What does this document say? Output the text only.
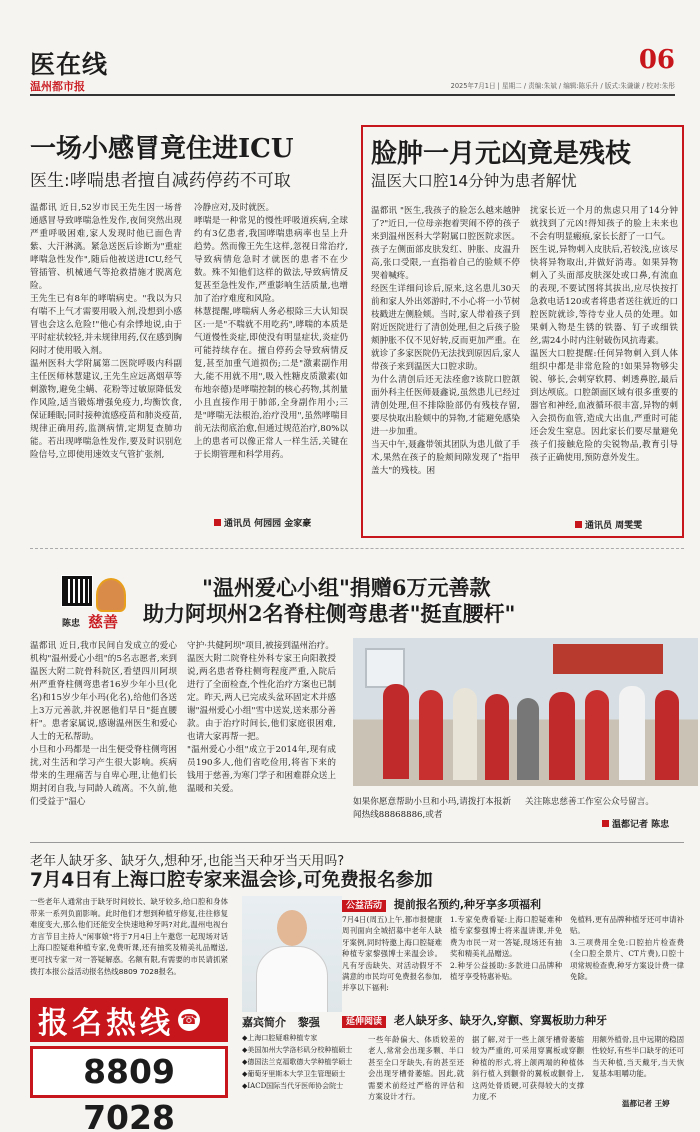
医在线
温州都市报
06
2025年7月1日 | 星期二 / 责编:朱斌 / 编辑:陈乐升 / 版式:朱谦谦 / 校对:朱彤
一场小感冒竟住进ICU
医生:哮喘患者擅自减药停药不可取
温都讯 近日,52岁市民王先生因一场普通感冒导致哮喘急性发作,夜间突然出现严重呼吸困难,家人发现时他已面色青紫、大汗淋漓。紧急送医后诊断为"重症哮喘急性发作",随后他被送进ICU,经气管插管、机械通气等抢救措施才脱离危险。
王先生已有8年的哮喘病史。"我以为只有喘不上气才需要用吸入剂,没想到小感冒也会这么危险!"他心有余悸地说,由于平时症状较轻,并未规律用药,仅在感到胸闷时才使用吸入剂。
温州医科大学附属第二医院呼吸内科副主任医师林慧建议,王先生应远离烟草等刺激物,避免尘螨、花粉等过敏原降低发作风险,适当锻炼增强免疫力,均衡饮食,保证睡眠;同时接种流感疫苗和肺炎疫苗,规律正确用药,监测病情,定期复查肺功能。若出现哮喘急性发作,要及时识别危险信号,立即使用速效支气管扩张剂,
冷静应对,及时就医。
哮喘是一种常见的慢性呼吸道疾病,全球约有3亿患者,我国哮喘患病率也呈上升趋势。然而像王先生这样,忽视日常治疗,导致病情危急时才就医的患者不在少数。殊不知他们这样的做法,导致病情反复甚至急性发作,严重影响生活质量,也增加了治疗难度和风险。
林慧提醒,哮喘病人务必根除三大认知误区:一是"不喘就不用吃药",哮喘的本质是气道慢性炎症,即使没有明显症状,炎症仍可能持续存在。擅自停药会导致病情反复,甚至加重气道损伤;二是"激素副作用大,能不用就不用",吸入性糖皮质激素(如布地奈德)是哮喘控制的核心药物,其剂量小且直接作用于肺部,全身副作用小;三是"哮喘无法根治,治疗没用",虽然哮喘目前无法彻底治愈,但通过规范治疗,80%以上的患者可以像正常人一样生活,关键在于长期管理和科学用药。
通讯员 何园园 金家豪
脸肿一月元凶竟是残枝
温医大口腔14分钟为患者解忧
温都讯 "医生,我孩子的脸怎么越来越肿了?"近日,一位母亲抱着哭闹不停的孩子来到温州医科大学附属口腔医院求医。孩子左侧面部皮肤发红、肿胀、皮温升高,张口受限,一直指着自己的脸颊不停哭着喊疼。
经医生详细问诊后,原来,这名患儿30天前和家人外出郊游时,不小心将一小节树枝戳进左侧脸颊。当时,家人带着孩子到附近医院进行了清创处理,但之后孩子脸颊肿胀不仅不见好转,反而更加严重。在就诊了多家医院仍无法找到原因后,家人带孩子来到温医大口腔求助。
为什么清创后还无法痊愈?该院口腔颌面外科主任医师聂鑫说,虽然患儿已经过清创处理,但不排除脸部仍有残枝存留,要尽快取出脸颊中的异物,才能避免感染进一步加重。
当天中午,聂鑫带领其团队为患儿做了手术,果然在孩子的脸颊间隙发现了"指甲盖大"的残枝。困
扰家长近一个月的焦虑只用了14分钟就找到了元凶!得知孩子的脸上未来也不会有明显瘢痕,家长长舒了一口气。
医生说,异物刺入皮肤后,若较浅,应该尽快将异物取出,并做好消毒。如果异物刺入了头面部皮肤深处或口鼻,有流血的表现,不要试图将其拔出,应尽快按打急救电话120或者将患者送往就近的口腔医院就诊,等待专业人员的处理。如果刺入物是生锈的铁器、钉子或细铁丝,需24小时内注射破伤风抗毒素。
温医大口腔提醒:任何异物刺入到人体组织中都是非常危险的!如果异物够尖锐、够长,会刺穿软腭、刺透鼻腔,最后到达颅底。口腔颌面区域有很多重要的器官和神经,血液循环很丰富,异物的刺入会损伤血管,造成大出血,严重时可能还会发生窒息。因此家长们要尽量避免孩子们接触危险的尖锐物品,教育引导孩子正确使用,预防意外发生。
通讯员 周雯雯
陈忠 慈善
"温州爱心小组"捐赠6万元善款
助力阿坝州2名脊柱侧弯患者"挺直腰杆"
温都讯 近日,我市民间自发成立的爱心机构"温州爱心小组"的5名志愿者,来到温医大附二院骨科院区,看望四川阿坝州严重脊柱侧弯患者16岁少年小旦(化名)和15岁少年小玛(化名),给他们各送上3万元善款,并祝愿他们早日"挺直腰杆"。患者家属说,感谢温州医生和爱心人士的无私帮助。
小旦和小玛都是一出生便受脊柱侧弯困扰,对生活和学习产生很大影响。疾病带来的生理痛苦与自卑心理,让他们长期封闭自我,与同龄人疏离。不久前,他们受益于"温心
守护·共健阿坝"项目,被接到温州治疗。
温医大附二院脊柱外科专家王向阳教授说,两名患者脊柱侧弯程度严重,入院后进行了全面检查,个性化治疗方案也已制定。昨天,两人已完成头盆环固定术并感谢"温州爱心小组"雪中送炭,送来那分善款。由于治疗时间长,他们家庭很困难,也请大家再帮一把。
"温州爱心小组"成立于2014年,现有成员190多人,他们省吃俭用,将省下来的钱用于慈善,为寒门学子和困难群众送上温暖和关爱。
如果你愿意帮助小旦和小玛,请拨打本报新闻热线88868886,或者
关注陈忠慈善工作室公众号留言。
温都记者 陈忠
老年人缺牙多、缺牙久,想种牙,也能当天种牙当天用吗?
7月4日有上海口腔专家来温会诊,可免费报名参加
一些老年人通常由于缺牙时间较长、缺牙较多,给口腔和身体带来一系列负面影响。此时他们才想到种植牙修复,往往修复难度变大,那么他们还能安全快速地种牙吗?对此,温州电视台方言节目主持人"闲事娘"将于7月4日上午邀您一起现场对话上海口腔疑难种植专家,免费听课,还有抽奖及精美礼品赠送,更可找专家一对一答疑解惑。名额有限,有需要的市民请抓紧拨打本报公益活动报名热线8809 7028报名。
报名热线 ☎
8809 7028
嘉宾简介 黎强
◆上海口腔疑难种植专家
◆美国加州大学洛杉矶分校种植硕士
◆德国法兰克福歌德大学种植学硕士
◆葡萄牙里斯本大学卫生管理硕士
◆IACD国际当代牙医师协会院士
公益活动 提前报名预约,种牙享多项福利
7月4日(周五)上午,都市报健康周刊面向全城招募中老年人缺牙案例,同时特邀上海口腔疑难种植专家黎强博士来温会诊。凡有牙齿缺失、对活动假牙不满意的市民均可免费报名参加,并享以下福利:
1.专家免费看疑:上海口腔疑难种植专家黎强博士将来温讲课,并免费为市民一对一答疑,现场还有抽奖和精美礼品赠送。
2.种牙公益援助:多款进口品牌种植牙享受特惠补贴。
免植料,更有品牌种植牙还可申请补贴。
3.三项费用全免:口腔拍片检查费(全口腔全景片、CT片费),口腔十项常规检查费,种牙方案设计费一律免除。
延伸阅读 老人缺牙多、缺牙久,穿颧、穿翼板助力种牙
一些年龄偏大、体质较差的老人,常常会出现多颗、半口甚至全口牙缺失,有的甚至还会出现牙槽骨萎缩。因此,就需要术前经过严格的评估和方案设计才行。
据了解,对于一些上颌牙槽骨萎缩较为严重的,可采用穿翼板或穿颧种植的形式,将上颌两端的种植体斜行植入到颧骨的翼板或颧骨上,这两处骨质硬,可获得较大的支撑力度,不
用额外植骨,且中远期的稳固性较好,有些半口缺牙的还可当天种植,当天戴牙,当天恢复基本咀嚼功能。
温都记者 王婷
